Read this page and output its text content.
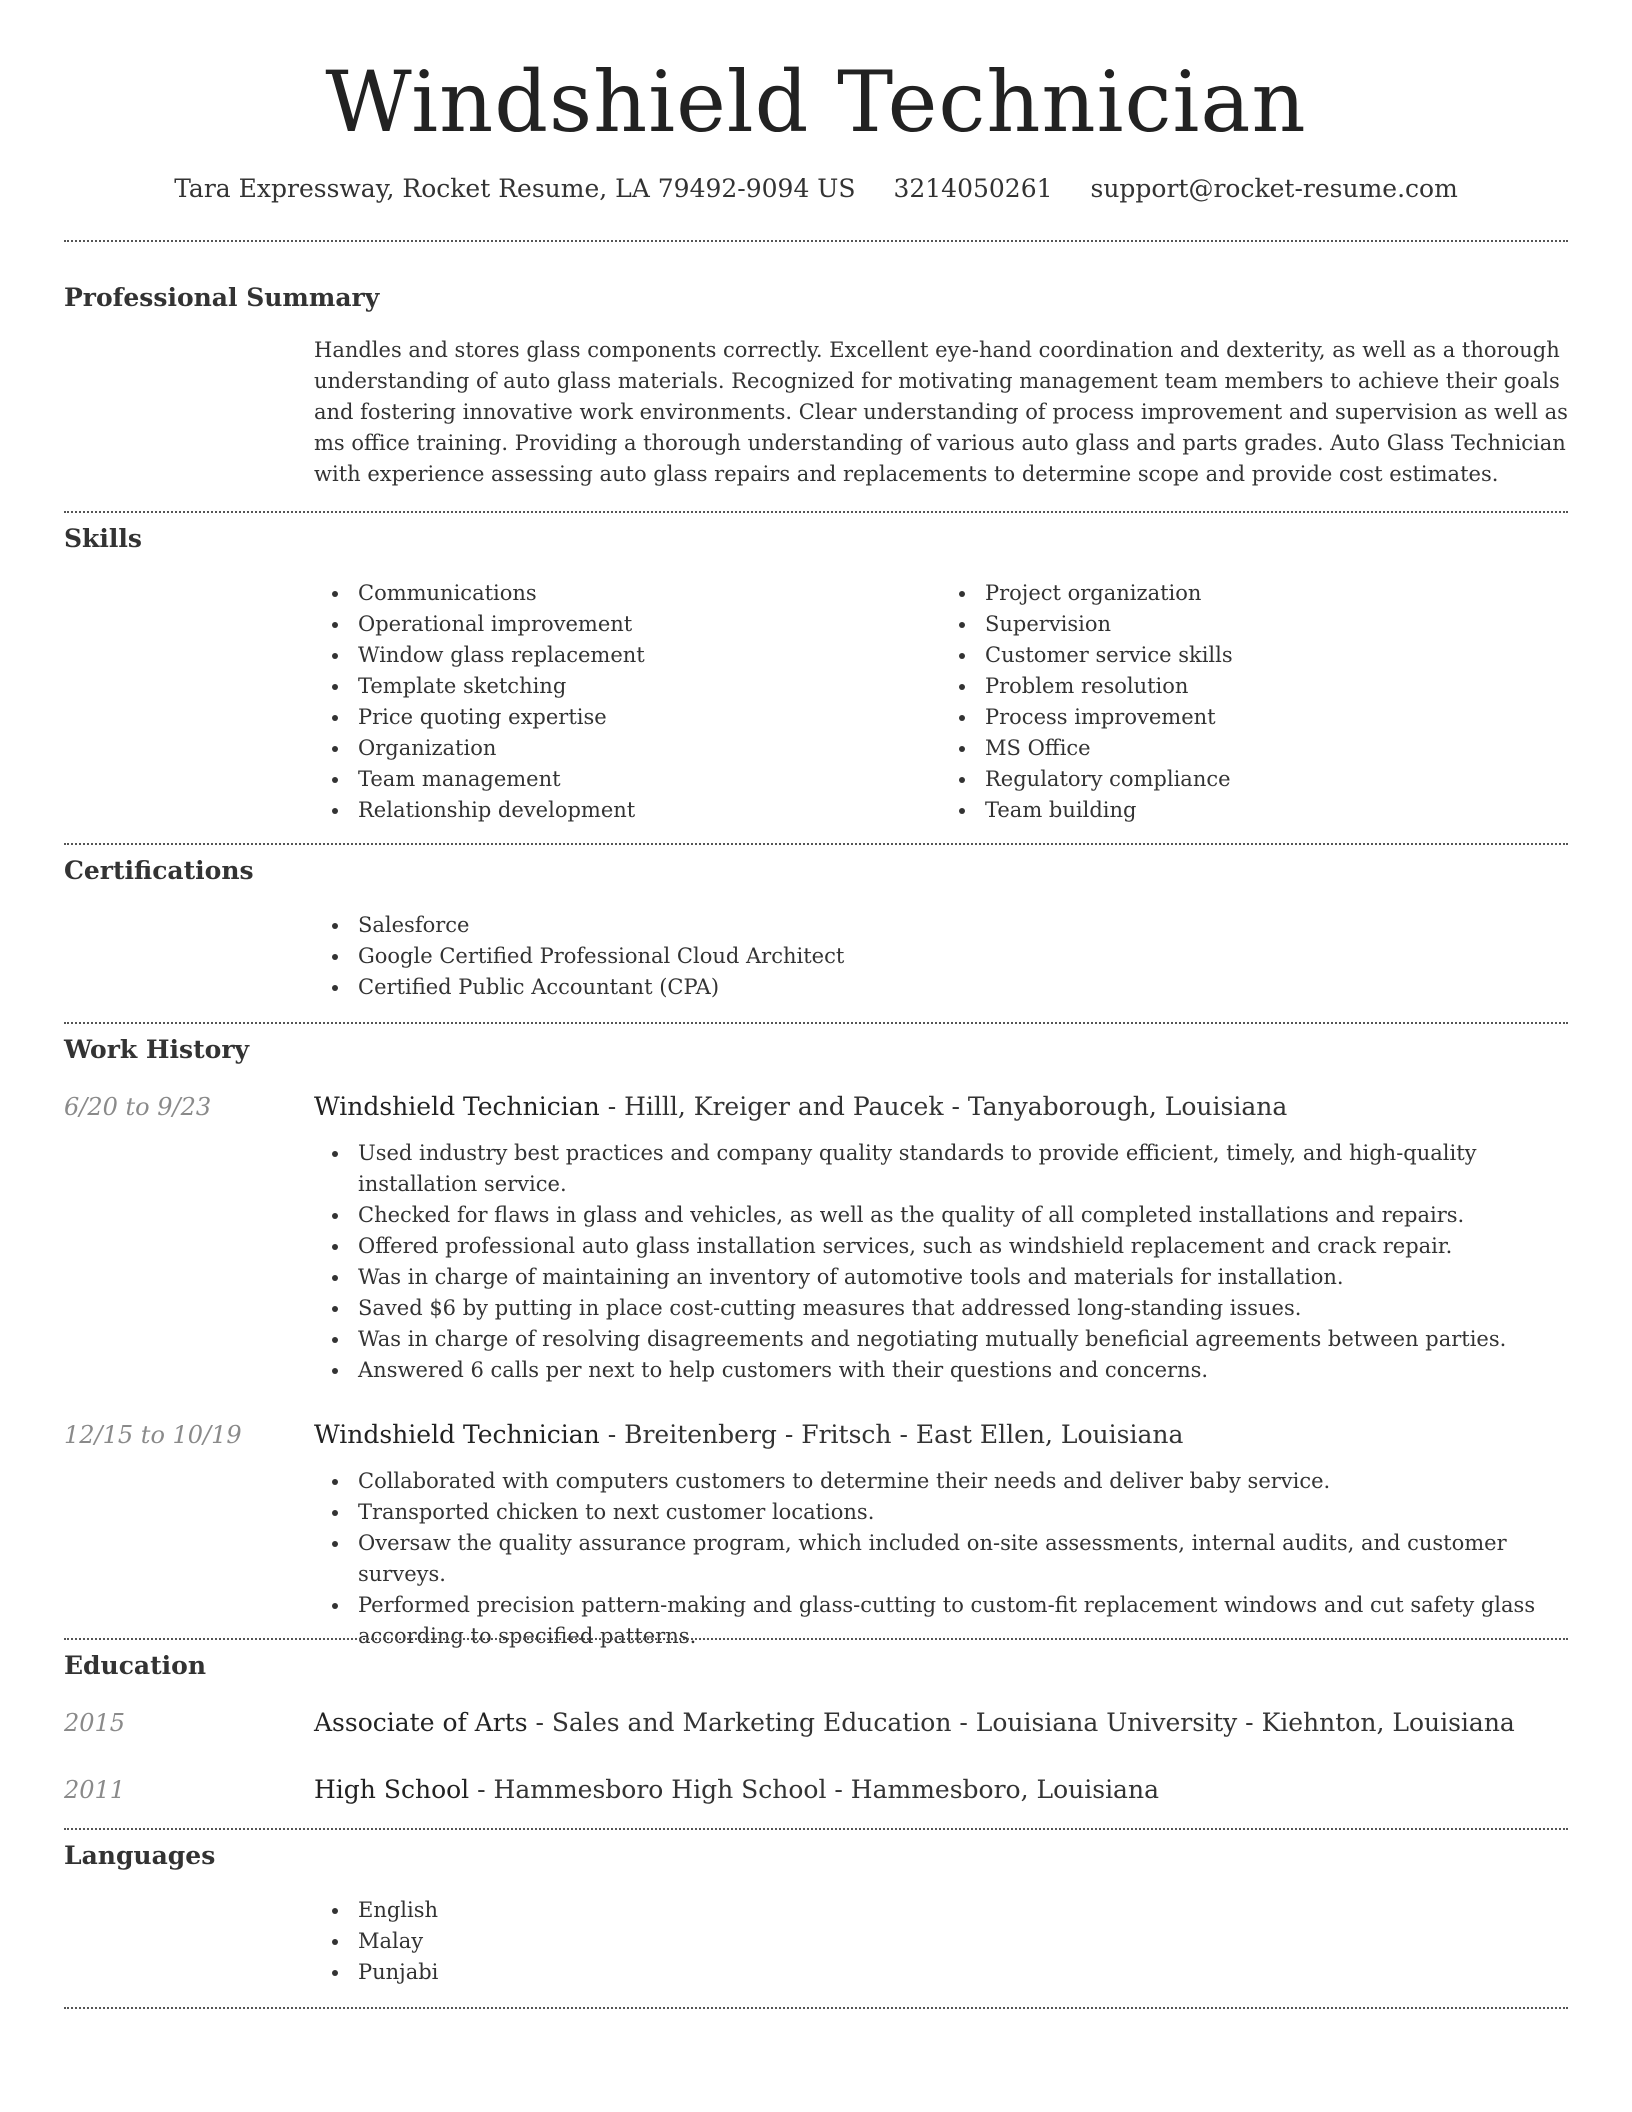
Windshield Technician
Tara Expressway, Rocket Resume, LA 79492-9094 US 3214050261 support@rocket-resume.com
Professional Summary

Handles and stores glass components correctly. Excellent eye-hand coordination and dexterity, as well as a thorough understanding of auto glass materials. Recognized for motivating management team members to achieve their goals and fostering innovative work environments. Clear understanding of process improvement and supervision as well as ms office training. Providing a thorough understanding of various auto glass and parts grades. Auto Glass Technician with experience assessing auto glass repairs and replacements to determine scope and provide cost estimates.

Skills
Communications
Operational improvement
Window glass replacement
Template sketching
Price quoting expertise
Organization
Team management
Relationship development
Project organization
Supervision
Customer service skills
Problem resolution
Process improvement
MS Office
Regulatory compliance
Team building
Certifications
Salesforce
Google Certified Professional Cloud Architect
Certified Public Accountant (CPA)
Work History
6/20 to 9/23	Windshield Technician - Hilll, Kreiger and Paucek - Tanyaborough, Louisiana

Used industry best practices and company quality standards to provide efficient, timely, and high-quality installation service.
Checked for flaws in glass and vehicles, as well as the quality of all completed installations and repairs.
Offered professional auto glass installation services, such as windshield replacement and crack repair.
Was in charge of maintaining an inventory of automotive tools and materials for installation.
Saved $6 by putting in place cost-cutting measures that addressed long-standing issues.
Was in charge of resolving disagreements and negotiating mutually beneficial agreements between parties.
Answered 6 calls per next to help customers with their questions and concerns.
12/15 to 10/19	Windshield Technician - Breitenberg - Fritsch - East Ellen, Louisiana

Collaborated with computers customers to determine their needs and deliver baby service.
Transported chicken to next customer locations.
Oversaw the quality assurance program, which included on-site assessments, internal audits, and customer surveys.
Performed precision pattern-making and glass-cutting to custom-fit replacement windows and cut safety glass according to specified patterns.
Education
2015	Associate of Arts - Sales and Marketing Education - Louisiana University - Kiehnton, Louisiana
2011	High School - Hammesboro High School - Hammesboro, Louisiana
Languages
English
Malay
Punjabi
